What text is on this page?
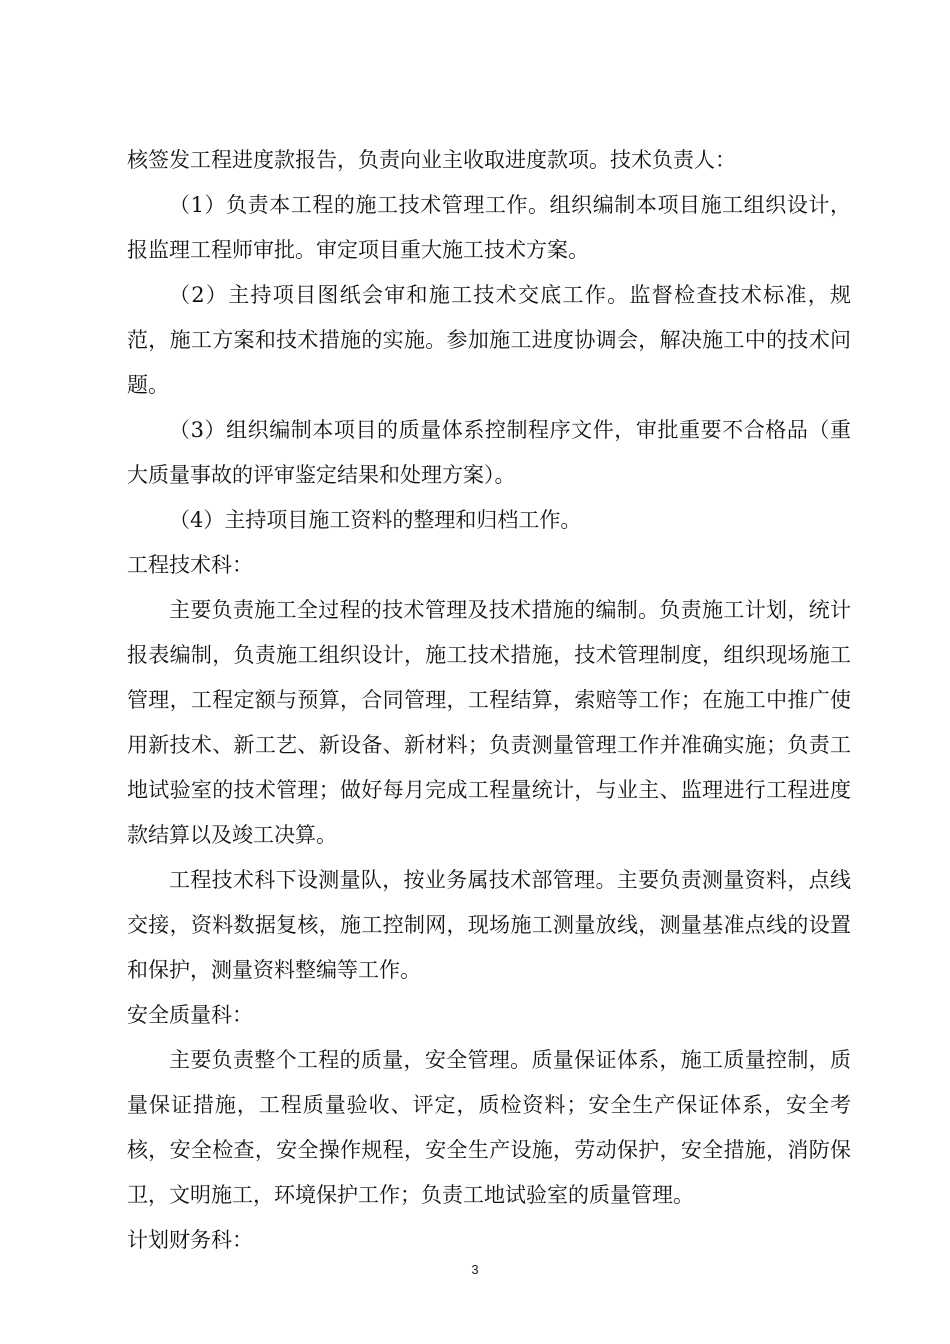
核签发工程进度款报告，负责向业主收取进度款项。技术负责人：

（1）负责本工程的施工技术管理工作。组织编制本项目施工组织设计，报监理工程师审批。审定项目重大施工技术方案。

（2）主持项目图纸会审和施工技术交底工作。监督检查技术标准，规范，施工方案和技术措施的实施。参加施工进度协调会，解决施工中的技术问题。

（3）组织编制本项目的质量体系控制程序文件，审批重要不合格品（重大质量事故的评审鉴定结果和处理方案）。

（4）主持项目施工资料的整理和归档工作。

工程技术科：

主要负责施工全过程的技术管理及技术措施的编制。负责施工计划，统计报表编制，负责施工组织设计，施工技术措施，技术管理制度，组织现场施工管理，工程定额与预算，合同管理，工程结算，索赔等工作；在施工中推广使用新技术、新工艺、新设备、新材料；负责测量管理工作并准确实施；负责工地试验室的技术管理；做好每月完成工程量统计，与业主、监理进行工程进度款结算以及竣工决算。

工程技术科下设测量队，按业务属技术部管理。主要负责测量资料，点线交接，资料数据复核，施工控制网，现场施工测量放线，测量基准点线的设置和保护，测量资料整编等工作。

安全质量科：

主要负责整个工程的质量，安全管理。质量保证体系，施工质量控制，质量保证措施，工程质量验收、评定，质检资料；安全生产保证体系，安全考核，安全检查，安全操作规程，安全生产设施，劳动保护，安全措施，消防保卫，文明施工，环境保护工作；负责工地试验室的质量管理。

计划财务科：

3
